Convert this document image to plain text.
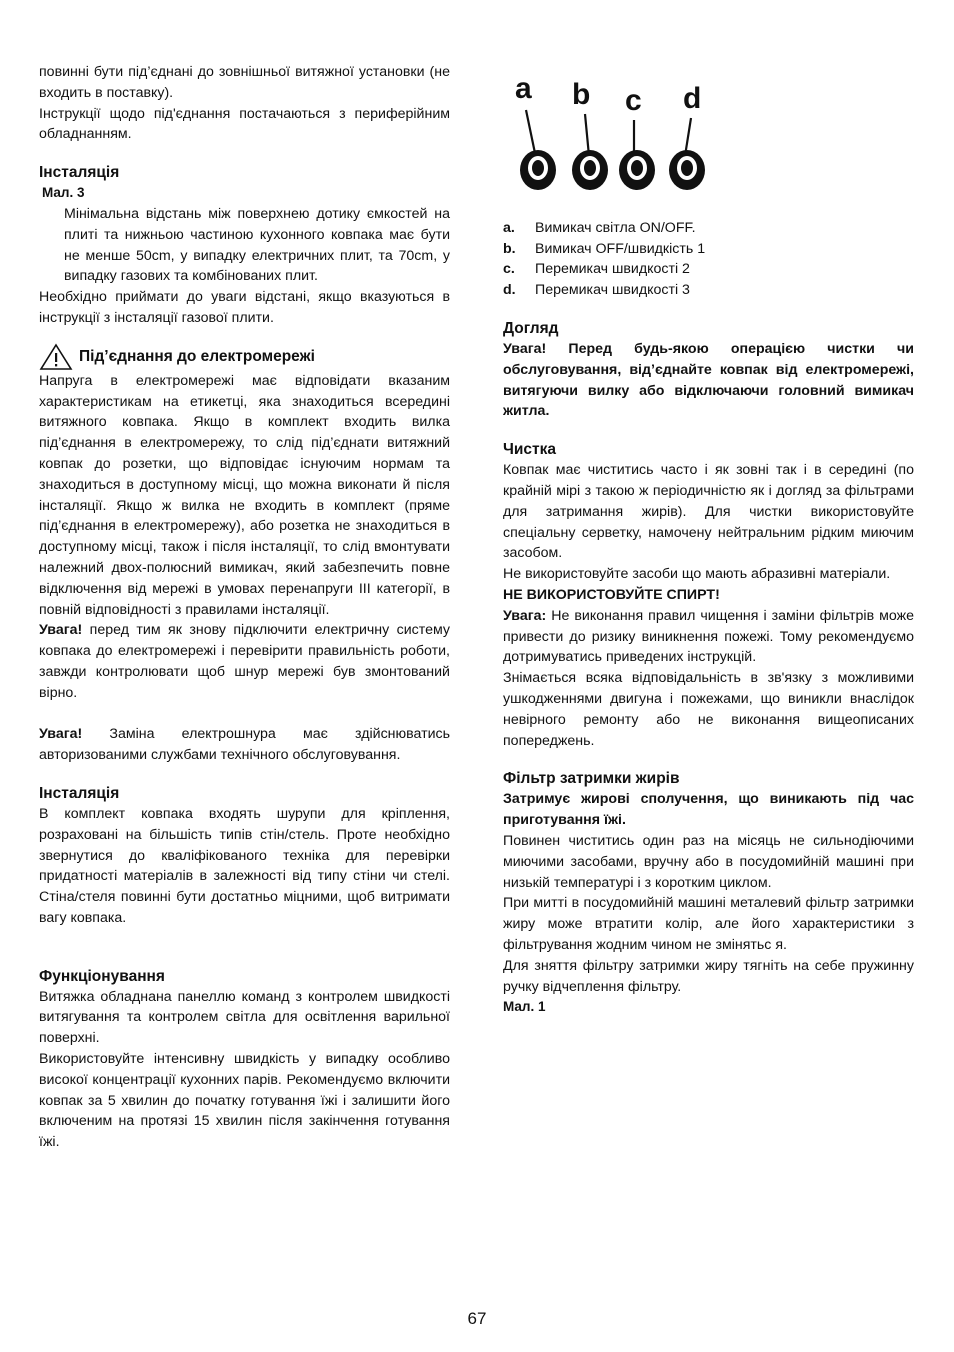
повинні бути під’єднані до зовнішньої витяжної установки (не входить в поставку).

Інструкції щодо під'єднання постачаються з периферійним обладнанням.

Інсталяція

Мал. 3

Мінімальна відстань між поверхнею дотику ємкостей на плиті та нижньою частиною кухонного ковпака має бути не менше 50cm, у випадку електричних плит, та 70cm, у випадку газових та комбінованих плит.

Необхідно приймати до уваги відстані, якщо вказуються в інструкції з інсталяції газової плити.

Під’єднання до електромережі

Напруга в електромережі має відповідати вказаним характеристикам на етикетці, яка знаходиться всередині витяжного ковпака. Якщо в комплект входить вилка під’єднання в електромережу, то слід під’єднати витяжний ковпак до розетки, що відповідає існуючим нормам та знаходиться в доступному місці, що можна виконати й після інсталяції. Якщо ж вилка не входить в комплект (пряме під’єднання в електромережу), або розетка не знаходиться в доступному місці, також і після інсталяції, то слід вмонтувати належний двох-полюсний вимикач, який забезпечить повне відключення від мережі в умовах перенапруги III категорії, в повній відповідності з правилами інсталяції.

Увага! перед тим як знову підключити електричну систему ковпака до електромережі і перевірити правильність роботи, завжди контролювати щоб шнур мережі був змонтований вірно.

Увага! Заміна електрошнура має здійснюватись авторизованими службами технічного обслуговування.

Інсталяція

В комплект ковпака входять шурупи для кріплення, розраховані на більшість типів стін/стель. Проте необхідно звернутися до кваліфікованого техніка для перевірки придатності матеріалів в залежності від типу стіни чи стелі. Стіна/стеля повинні бути достатньо міцними, щоб витримати вагу ковпака.

Функціонування

Витяжка обладнана панеллю команд з контролем швидкості витягування та контролем світла для освітлення варильної поверхні.

Використовуйте інтенсивну швидкість у випадку особливо високої концентрації кухонних парів. Рекомендуємо включити ковпак за 5 хвилин до початку готування їжі і залишити його включеним на протязі 15 хвилин після закінчення готування їжі.

a b c d
a.	Вимикач світла ON/OFF.
b.	Вимикач OFF/швидкість 1
c.	Перемикач швидкості 2
d.	Перемикач швидкості 3
Догляд

Увага! Перед будь-якою операцією чистки чи обслуговування, від’єднайте ковпак від електромережі, витягуючи вилку або відключаючи головний вимикач житла.

Чистка

Ковпак має чиститись часто і як зовні так і в середині (по крайній мірі з такою ж періодичністю як і догляд за фільтрами для затримання жирів). Для чистки використовуйте спеціальну серветку, намочену нейтральним рідким миючим засобом.

Не використовуйте засоби що мають абразивні матеріали.

НЕ ВИКОРИСТОВУЙТЕ СПИРТ!

Увага: Не виконання правил чищення і заміни фільтрів може привести до ризику виникнення пожежі. Тому рекомендуємо дотримуватись приведених інструкцій.

Знімається всяка відповідальність в зв'язку з можливими ушкодженнями двигуна і пожежами, що виникли внаслідок невірного ремонту або не виконання вищеописаних попереджень.

Фільтр затримки жирів

Затримує жирові сполучення, що виникають під час приготування їжі.

Повинен чиститись один раз на місяць не сильнодіючими миючими засобами, вручну або в посудомийній машині при низькій температурі і з коротким циклом.

При митті в посудомийній машині металевий фільтр затримки жиру може втратити колір, але його характеристики з фільтрування жодним чином не змінятьс я.

Для зняття фільтру затримки жиру тягніть на себе пружинну ручку відчеплення фільтру.

Мал. 1

67
